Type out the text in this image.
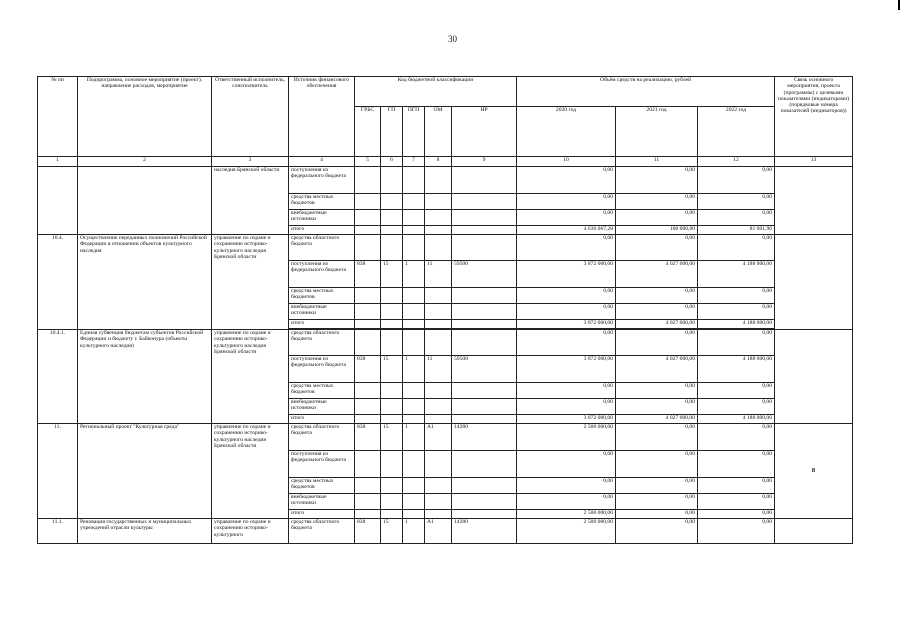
30
№ пп	Подпрограмма, основное мероприятие (проект), направление расходов, мероприятие	Ответственный исполнитель, соисполнитель	Источник финансового обеспечения	Код бюджетной классификации					Объём средств на реализацию, рублей			Связь основного мероприятия, проекта (программы) с целевыми показателями (индикаторами) (порядковые номера показателей (индикаторов))
				ГРБС	ГП	ПГП	ОМ	НР	2020 год	2021 год	2022 год	
1	2	3	4	5	6	7	8	9	10	11	12	13
		наследия Брянской области	поступления из федерального бюджета						0,00	0,00	0,00	
			средства местных бюджетов						0,00	0,00	0,00	
			внебюджетные источники						0,00	0,00	0,00	
			итого						4 636 067,28	100 000,00	81 001,96	
10.4.	Осуществление переданных полномочий Российской Федерации в отношении объектов культурного наследия	управление по охране и сохранению историко-культурного наследия Брянской области	средства областного бюджета						0,00	0,00	0,00	
			поступления из федерального бюджета	838	15	1	11	59500	3 872 000,00	4 027 000,00	4 188 000,00	
			средства местных бюджетов						0,00	0,00	0,00	
			внебюджетные источники						0,00	0,00	0,00	
			итого						3 872 000,00	4 027 000,00	4 188 000,00	

10.4.1.	Единая субвенция бюджетам субъектов Российской Федерации и бюджету г. Байконура (объекты культурного наследия)	управление по охране и сохранению историко-культурного наследия Брянской области	средства областного бюджета						0,00	0,00	0,00	
			поступления из федерального бюджета	838	15	1	11	59500	3 872 000,00	4 027 000,00	4 188 000,00	
			средства местных бюджетов						0,00	0,00	0,00	
			внебюджетные источники						0,00	0,00	0,00	
			итого						3 872 000,00	4 027 000,00	4 188 000,00	
11.	Региональный проект "Культурная среда"	управление по охране и сохранению историко-культурного наследия Брянской области	средства областного бюджета	838	15	1	A1	14280	2 500 000,00	0,00	0,00	8
			поступления из федерального бюджета						0,00	0,00	0,00	
			средства местных бюджетов						0,00	0,00	0,00	
			внебюджетные источники						0,00	0,00	0,00	
			итого						2 500 000,00	0,00	0,00	
11.1.	Реновация государственных и муниципальных учреждений отрасли культуры	управление по охране и сохранению историко-культурного	средства областного бюджета	838	15	1	A1	14280	2 500 000,00	0,00	0,00	
